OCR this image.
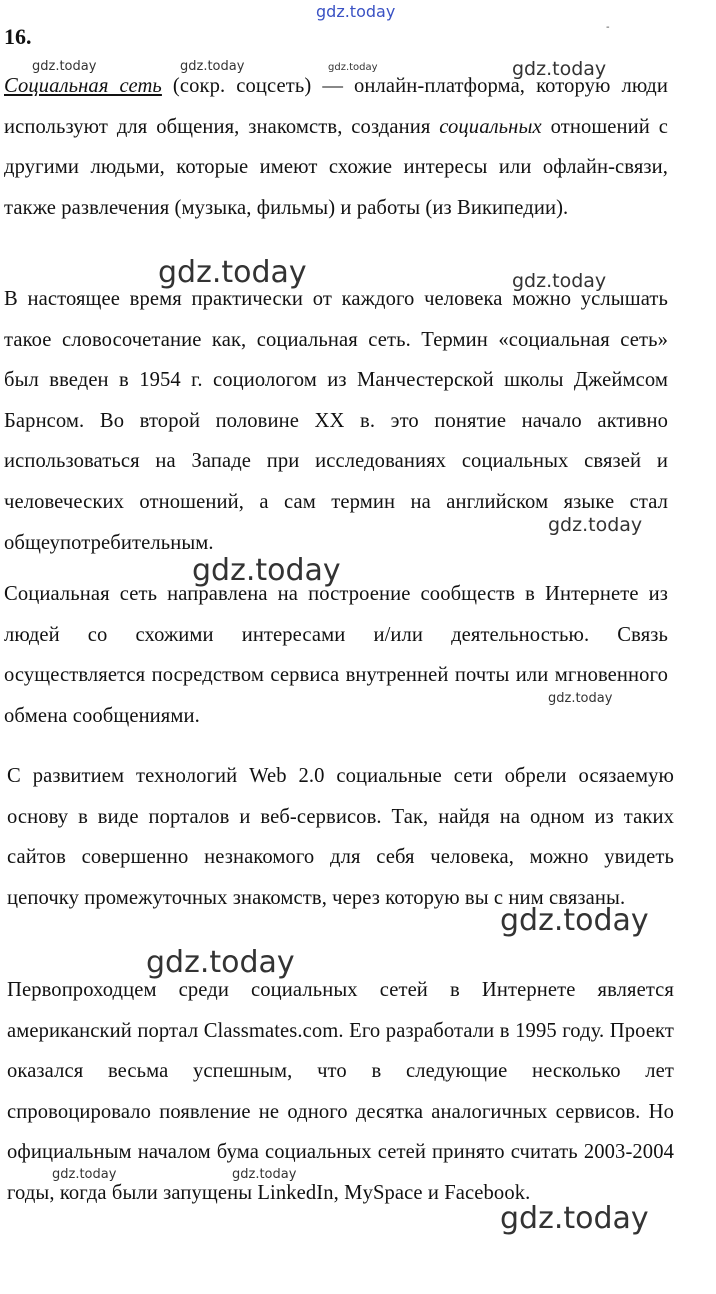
16.	-
Социальная сеть (сокр. соцсеть) — онлайн-платформа, которую люди используют для общения, знакомств, создания социальных отношений с другими людьми, которые имеют схожие интересы или офлайн-связи, также развлечения (музыка, фильмы) и работы (из Википедии).
В настоящее время практически от каждого человека можно услышать такое словосочетание как, социальная сеть. Термин «социальная сеть» был введен в 1954 г. социологом из Манчестерской школы Джеймсом Барнсом. Во второй половине XX в. это понятие начало активно использоваться на Западе при исследованиях социальных связей и человеческих отношений, а сам термин на английском языке стал общеупотребительным.
Социальная сеть направлена на построение сообществ в Интернете из людей со схожими интересами и/или деятельностью. Связь осуществляется посредством сервиса внутренней почты или мгновенного обмена сообщениями.
С развитием технологий Web 2.0 социальные сети обрели осязаемую основу в виде порталов и веб-сервисов. Так, найдя на одном из таких сайтов совершенно незнакомого для себя человека, можно увидеть цепочку промежуточных знакомств, через которую вы с ним связаны.
Первопроходцем среди социальных сетей в Интернете является американский портал Classmates.com. Его разработали в 1995 году. Проект оказался весьма успешным, что в следующие несколько лет спровоцировало появление не одного десятка аналогичных сервисов. Но официальным началом бума социальных сетей принято считать 2003-2004 годы, когда были запущены LinkedIn, MySpace и Facebook.
gdz.today
gdz.today	gdz.today	gdz.today	gdz.today
gdz.today	gdz.today
gdz.today
gdz.today
gdz.today
gdz.today
gdz.today
gdz.today	gdz.today
gdz.today
